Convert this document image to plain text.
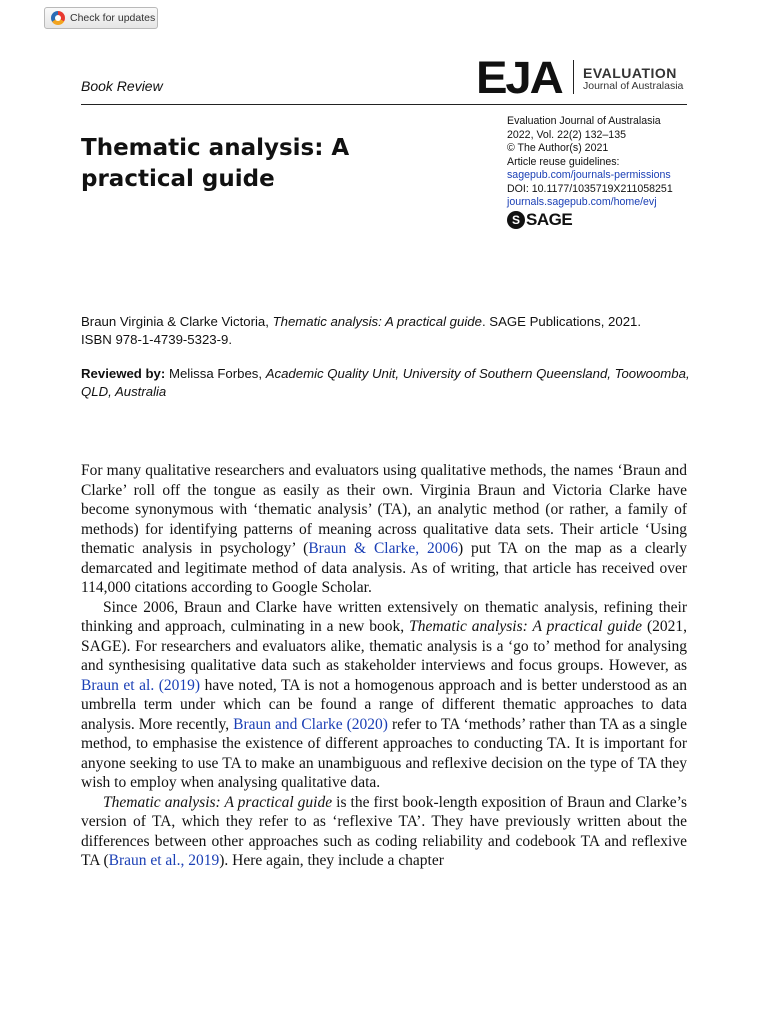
Check for updates
Book Review	EJA EVALUATION
Journal of Australasia
Thematic analysis: A practical guide
Evaluation Journal of Australasia
2022, Vol. 22(2) 132–135
© The Author(s) 2021
Article reuse guidelines:
sagepub.com/journals-permissions
DOI: 10.1177/1035719X211058251
journals.sagepub.com/home/evj
S SAGE
Braun Virginia & Clarke Victoria, Thematic analysis: A practical guide. SAGE Publications, 2021.
ISBN 978-1-4739-5323-9.
Reviewed by: Melissa Forbes, Academic Quality Unit, University of Southern Queensland, Toowoomba, QLD, Australia

For many qualitative researchers and evaluators using qualitative methods, the names ‘Braun and Clarke’ roll off the tongue as easily as their own. Virginia Braun and Victoria Clarke have become synonymous with ‘thematic analysis’ (TA), an analytic method (or rather, a family of methods) for identifying patterns of meaning across qualitative data sets. Their article ‘Using thematic analysis in psychology’ (Braun & Clarke, 2006) put TA on the map as a clearly demarcated and legitimate method of data analysis. As of writing, that article has received over 114,000 citations according to Google Scholar.

Since 2006, Braun and Clarke have written extensively on thematic analysis, refining their thinking and approach, culminating in a new book, Thematic analysis: A practical guide (2021, SAGE). For researchers and evaluators alike, thematic analysis is a ‘go to’ method for analysing and synthesising qualitative data such as stakeholder interviews and focus groups. However, as Braun et al. (2019) have noted, TA is not a homogenous approach and is better understood as an umbrella term under which can be found a range of different thematic approaches to data analysis. More recently, Braun and Clarke (2020) refer to TA ‘methods’ rather than TA as a single method, to emphasise the existence of different approaches to conducting TA. It is important for anyone seeking to use TA to make an unambiguous and reflexive decision on the type of TA they wish to employ when analysing qualitative data.

Thematic analysis: A practical guide is the first book-length exposition of Braun and Clarke’s version of TA, which they refer to as ‘reflexive TA’. They have previously written about the differences between other approaches such as coding reliability and codebook TA and reflexive TA (Braun et al., 2019). Here again, they include a chapter
